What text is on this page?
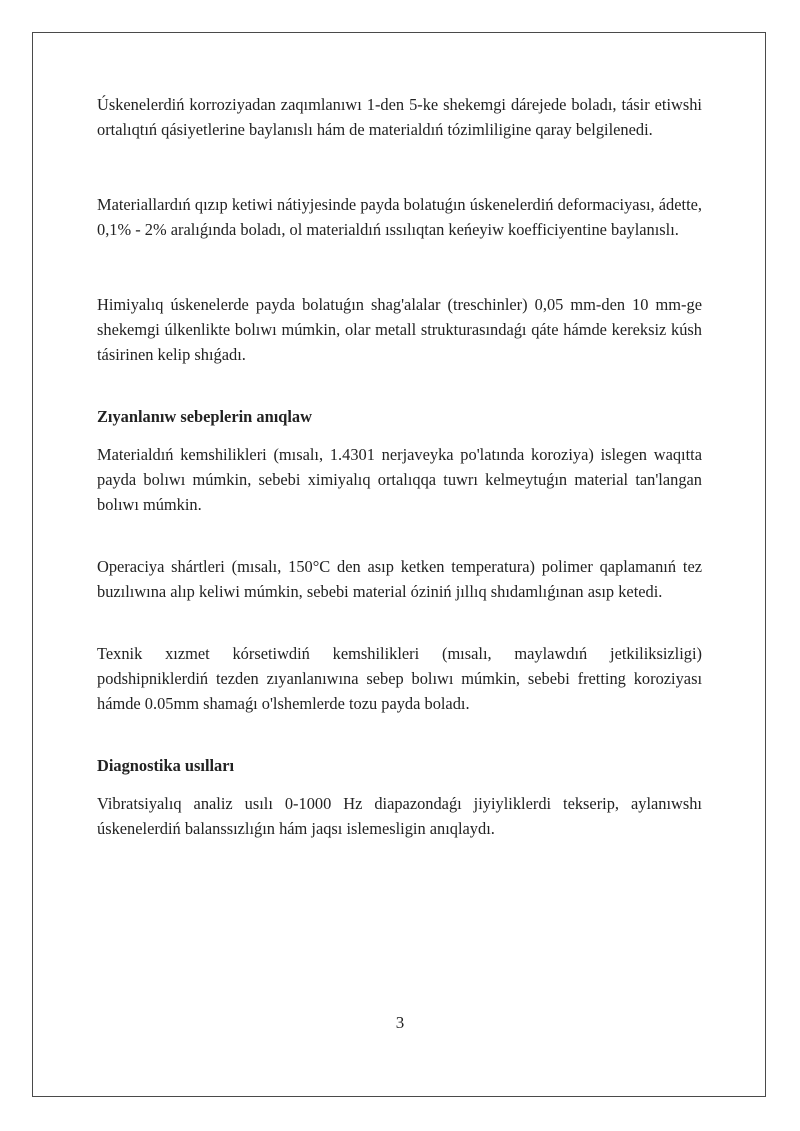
Úskenelerdiń korroziyadan zaqımlanıwı 1-den 5-ke shekemgi dárejede boladı, tásir etiwshi ortalıqtıń qásiyetlerine baylanıslı hám de materialdıń tózimliligine qaray belgilenedi.

Materiallardıń qızıp ketiwi nátiyjesinde payda bolatuǵın úskenelerdiń deformaciyası, ádette, 0,1% - 2% aralıǵında boladı, ol materialdıń ıssılıqtan keńeyiw koefficiyentine baylanıslı.

Himiyalıq úskenelerde payda bolatuǵın shag'alalar (treschinler) 0,05 mm-den 10 mm-ge shekemgi úlkenlikte bolıwı múmkin, olar metall strukturasındaǵı qáte hámde kereksiz kúsh tásirinen kelip shıǵadı.

Zıyanlanıw sebeplerin anıqlaw

Materialdıń kemshilikleri (mısalı, 1.4301 nerjaveyka po'latında koroziya) islegen waqıtta payda bolıwı múmkin, sebebi ximiyalıq ortalıqqa tuwrı kelmeytuǵın material tan'langan bolıwı múmkin.

Operaciya shártleri (mısalı, 150°C den asıp ketken temperatura) polimer qaplamanıń tez buzılıwına alıp keliwi múmkin, sebebi material óziniń jıllıq shıdamlıǵınan asıp ketedi.

Texnik xızmet kórsetiwdiń kemshilikleri (mısalı, maylawdıń jetkiliksizligi) podshipniklerdiń tezden zıyanlanıwına sebep bolıwı múmkin, sebebi fretting koroziyası hámde 0.05mm shamaǵı o'lshemlerde tozu payda boladı.

Diagnostika usılları

Vibratsiyalıq analiz usılı 0-1000 Hz diapazondaǵı jiyiyliklerdi tekserip, aylanıwshı úskenelerdiń balanssızlıǵın hám jaqsı islemesligin anıqlaydı.

3
